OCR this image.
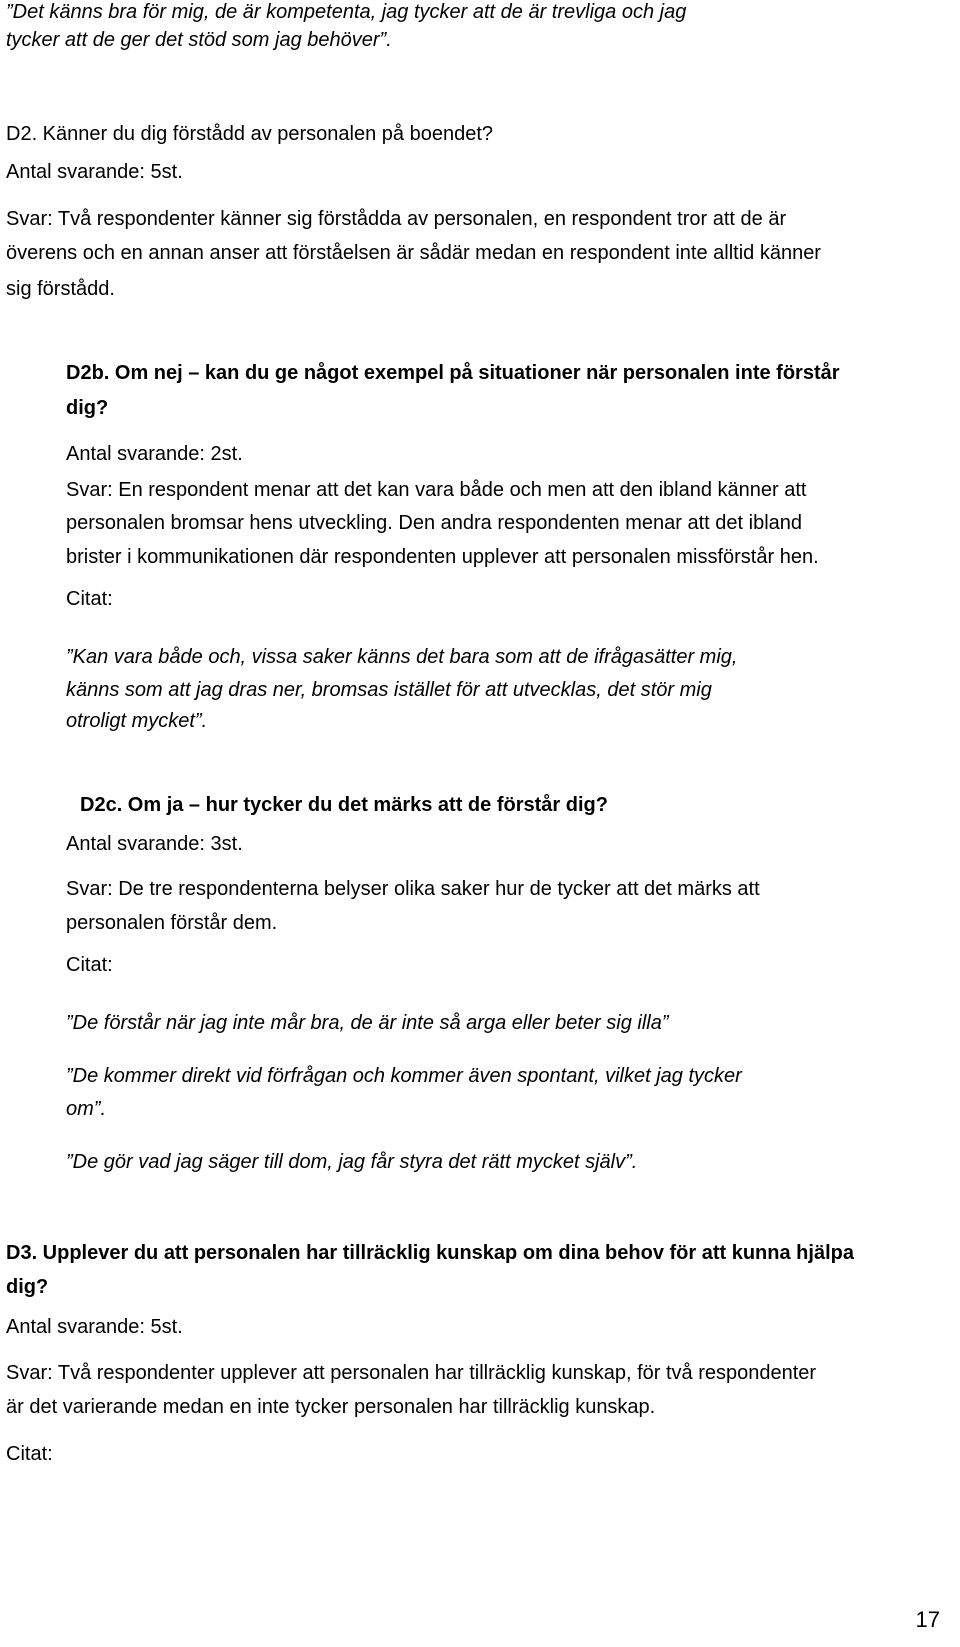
”Det känns bra för mig, de är kompetenta, jag tycker att de är trevliga och jag
tycker att de ger det stöd som jag behöver”.
D2. Känner du dig förstådd av personalen på boendet?
Antal svarande: 5st.
Svar: Två respondenter känner sig förstådda av personalen, en respondent tror att de är
överens och en annan anser att förståelsen är sådär medan en respondent inte alltid känner
sig förstådd.
D2b. Om nej – kan du ge något exempel på situationer när personalen inte förstår
dig?
Antal svarande: 2st.
Svar: En respondent menar att det kan vara både och men att den ibland känner att
personalen bromsar hens utveckling. Den andra respondenten menar att det ibland
brister i kommunikationen där respondenten upplever att personalen missförstår hen.
Citat:
”Kan vara både och, vissa saker känns det bara som att de ifrågasätter mig,
känns som att jag dras ner, bromsas istället för att utvecklas, det stör mig
otroligt mycket”.
D2c. Om ja – hur tycker du det märks att de förstår dig?
Antal svarande: 3st.
Svar: De tre respondenterna belyser olika saker hur de tycker att det märks att
personalen förstår dem.
Citat:
”De förstår när jag inte mår bra, de är inte så arga eller beter sig illa”
”De kommer direkt vid förfrågan och kommer även spontant, vilket jag tycker
om”.
”De gör vad jag säger till dom, jag får styra det rätt mycket själv”.
D3. Upplever du att personalen har tillräcklig kunskap om dina behov för att kunna hjälpa
dig?
Antal svarande: 5st.
Svar: Två respondenter upplever att personalen har tillräcklig kunskap, för två respondenter
är det varierande medan en inte tycker personalen har tillräcklig kunskap.
Citat:
17
